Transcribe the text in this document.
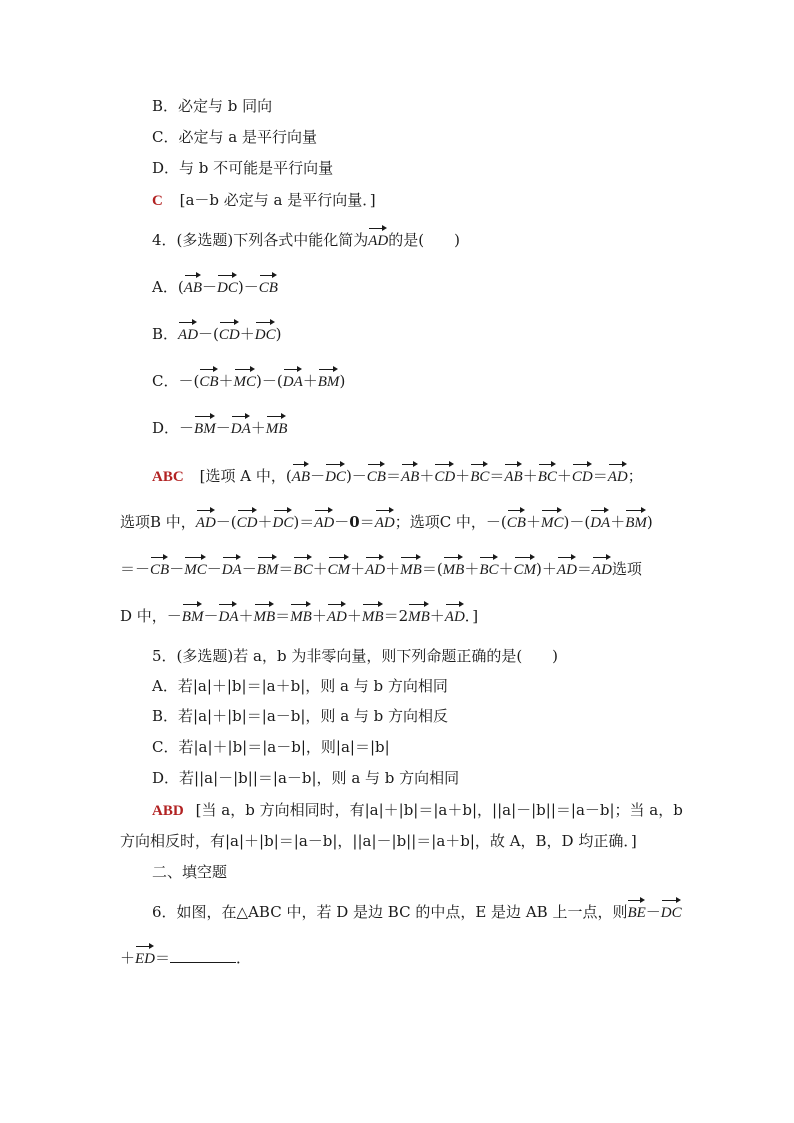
B．必定与 b 同向
C．必定与 a 是平行向量
D．与 b 不可能是平行向量
C [a－b 必定与 a 是平行向量．]
4．(多选题)下列各式中能化简为AD的是(　　)
A．(AB－DC)－CB
B．AD－(CD＋DC)
C．－(CB＋MC)－(DA＋BM)
D．－BM－DA＋MB
ABC [选项 A 中，(AB－DC)－CB＝AB＋CD＋BC＝AB＋BC＋CD＝AD；
选项B 中，AD－(CD＋DC)＝AD－0＝AD；选项C 中，－(CB＋MC)－(DA＋BM)
＝－CB－MC－DA－BM＝BC＋CM＋AD＋MB＝(MB＋BC＋CM)＋AD＝AD选项
D 中，－BM－DA＋MB＝MB＋AD＋MB＝2MB＋AD．]
5．(多选题)若 a，b 为非零向量，则下列命题正确的是(　　)
A．若|a|＋|b|＝|a＋b|，则 a 与 b 方向相同
B．若|a|＋|b|＝|a－b|，则 a 与 b 方向相反
C．若|a|＋|b|＝|a－b|，则|a|＝|b|
D．若||a|－|b||＝|a－b|，则 a 与 b 方向相同
ABD [当 a，b 方向相同时，有|a|＋|b|＝|a＋b|，||a|－|b||＝|a－b|；当 a，b
方向相反时，有|a|＋|b|＝|a－b|，||a|－|b||＝|a＋b|，故 A，B，D 均正确．]
二、填空题
6．如图，在△ABC 中，若 D 是边 BC 的中点，E 是边 AB 上一点，则BE－DC
＋ED＝	．
